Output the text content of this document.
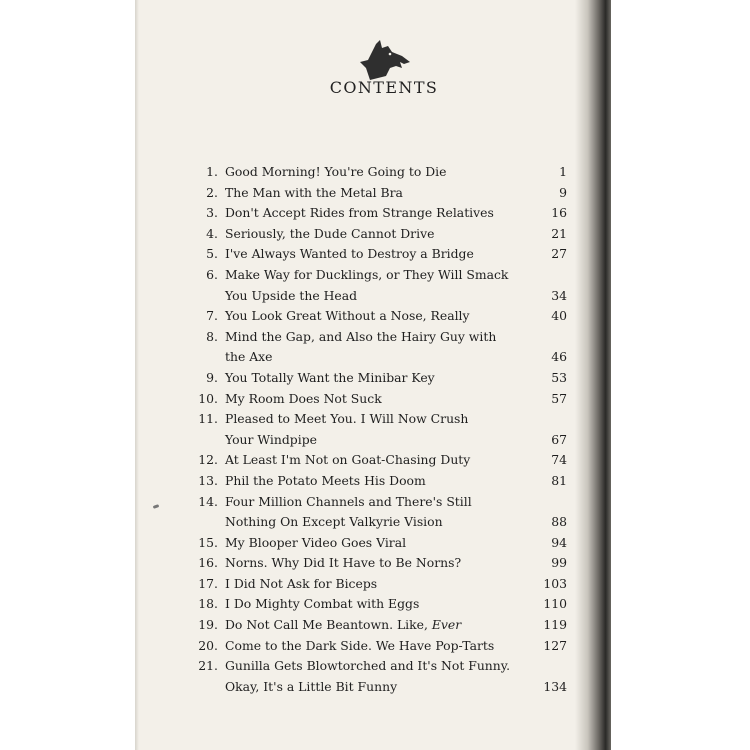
CONTENTS
1. Good Morning! You're Going to Die	1
2. The Man with the Metal Bra	9
3. Don't Accept Rides from Strange Relatives	16
4. Seriously, the Dude Cannot Drive	21
5. I've Always Wanted to Destroy a Bridge	27
6. Make Way for Ducklings, or They Will Smack
You Upside the Head	34
7. You Look Great Without a Nose, Really	40
8. Mind the Gap, and Also the Hairy Guy with
the Axe	46
9. You Totally Want the Minibar Key	53
10. My Room Does Not Suck	57
11. Pleased to Meet You. I Will Now Crush
Your Windpipe	67
12. At Least I'm Not on Goat-Chasing Duty	74
13. Phil the Potato Meets His Doom	81
14. Four Million Channels and There's Still
Nothing On Except Valkyrie Vision	88
15. My Blooper Video Goes Viral	94
16. Norns. Why Did It Have to Be Norns?	99
17. I Did Not Ask for Biceps	103
18. I Do Mighty Combat with Eggs	110
19. Do Not Call Me Beantown. Like, Ever	119
20. Come to the Dark Side. We Have Pop-Tarts	127
21. Gunilla Gets Blowtorched and It's Not Funny.
Okay, It's a Little Bit Funny	134
